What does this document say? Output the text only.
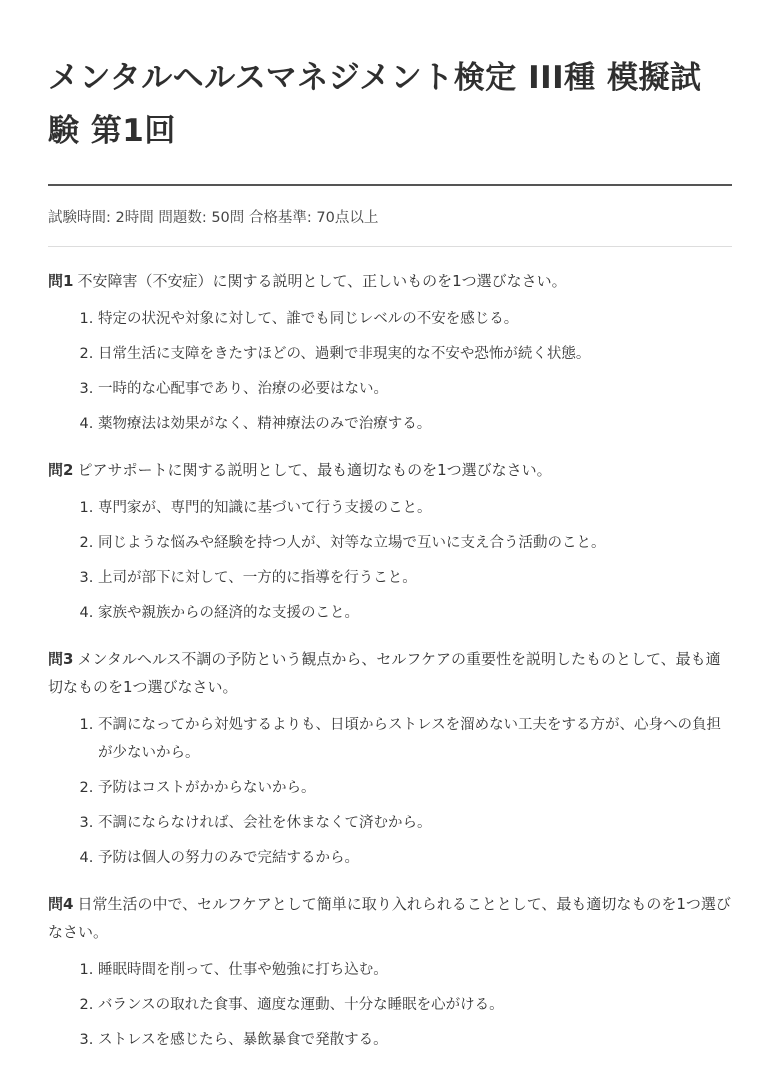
メンタルヘルスマネジメント検定 III種 模擬試験 第1回

試験時間: 2時間 問題数: 50問 合格基準: 70点以上

問1 不安障害（不安症）に関する説明として、正しいものを1つ選びなさい。

1. 特定の状況や対象に対して、誰でも同じレベルの不安を感じる。
2. 日常生活に支障をきたすほどの、過剰で非現実的な不安や恐怖が続く状態。
3. 一時的な心配事であり、治療の必要はない。
4. 薬物療法は効果がなく、精神療法のみで治療する。

問2 ピアサポートに関する説明として、最も適切なものを1つ選びなさい。

1. 専門家が、専門的知識に基づいて行う支援のこと。
2. 同じような悩みや経験を持つ人が、対等な立場で互いに支え合う活動のこと。
3. 上司が部下に対して、一方的に指導を行うこと。
4. 家族や親族からの経済的な支援のこと。

問3 メンタルヘルス不調の予防という観点から、セルフケアの重要性を説明したものとして、最も適切なものを1つ選びなさい。

1. 不調になってから対処するよりも、日頃からストレスを溜めない工夫をする方が、心身への負担が少ないから。
2. 予防はコストがかからないから。
3. 不調にならなければ、会社を休まなくて済むから。
4. 予防は個人の努力のみで完結するから。

問4 日常生活の中で、セルフケアとして簡単に取り入れられることとして、最も適切なものを1つ選びなさい。

1. 睡眠時間を削って、仕事や勉強に打ち込む。
2. バランスの取れた食事、適度な運動、十分な睡眠を心がける。
3. ストレスを感じたら、暴飲暴食で発散する。
